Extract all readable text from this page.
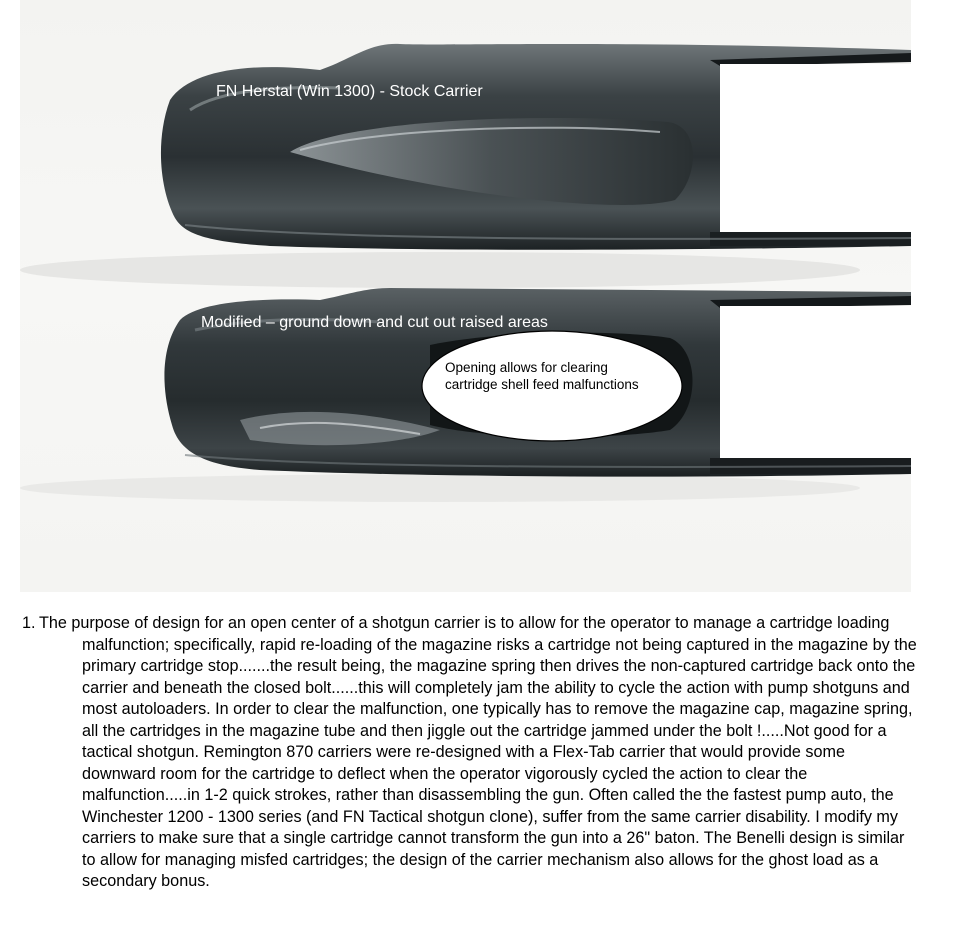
FN Herstal (Win 1300) - Stock Carrier
Modified – ground down and cut out raised areas
Opening allows for clearing cartridge shell feed malfunctions
1. The purpose of design for an open center of a shotgun carrier is to allow for the operator to manage a cartridge loading malfunction; specifically, rapid re-loading of the magazine risks a cartridge not being captured in the magazine by the primary cartridge stop.......the result being, the magazine spring then drives the non-captured cartridge back onto the carrier and beneath the closed bolt......this will completely jam the ability to cycle the action with pump shotguns and most autoloaders. In order to clear the malfunction, one typically has to remove the magazine cap, magazine spring, all the cartridges in the magazine tube and then jiggle out the cartridge jammed under the bolt !.....Not good for a tactical shotgun. Remington 870 carriers were re-designed with a Flex-Tab carrier that would provide some downward room for the cartridge to deflect when the operator vigorously cycled the action to clear the malfunction.....in 1-2 quick strokes, rather than disassembling the gun. Often called the the fastest pump auto, the Winchester 1200 - 1300 series (and FN Tactical shotgun clone), suffer from the same carrier disability. I modify my carriers to make sure that a single cartridge cannot transform the gun into a 26" baton. The Benelli design is similar to allow for managing misfed cartridges; the design of the carrier mechanism also allows for the ghost load as a secondary bonus.
